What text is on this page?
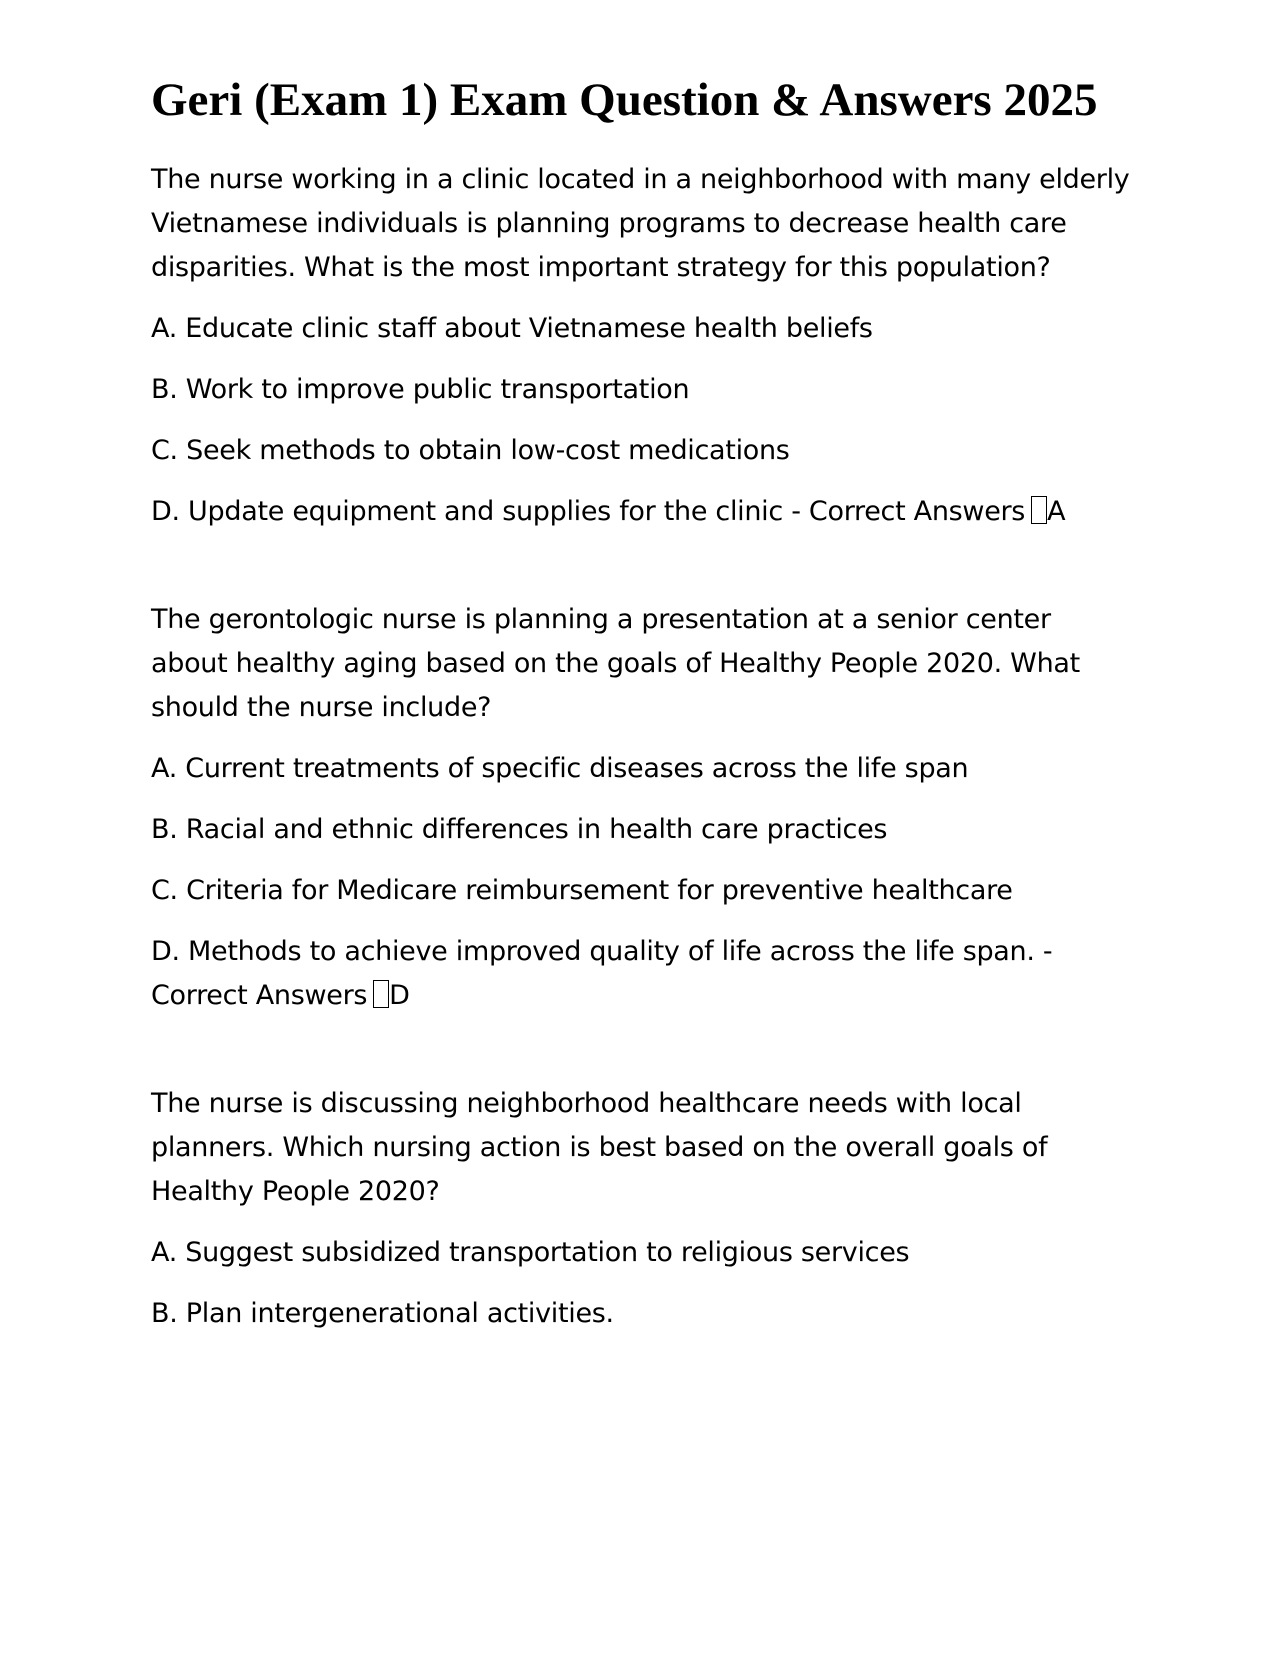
Geri (Exam 1) Exam Question & Answers 2025

The nurse working in a clinic located in a neighborhood with many elderly Vietnamese individuals is planning programs to decrease health care disparities. What is the most important strategy for this population?

A. Educate clinic staff about Vietnamese health beliefs

B. Work to improve public transportation

C. Seek methods to obtain low-cost medications

D. Update equipment and supplies for the clinic - Correct Answers A

The gerontologic nurse is planning a presentation at a senior center about healthy aging based on the goals of Healthy People 2020. What should the nurse include?

A. Current treatments of specific diseases across the life span

B. Racial and ethnic differences in health care practices

C. Criteria for Medicare reimbursement for preventive healthcare

D. Methods to achieve improved quality of life across the life span. - Correct Answers D

The nurse is discussing neighborhood healthcare needs with local planners. Which nursing action is best based on the overall goals of Healthy People 2020?

A. Suggest subsidized transportation to religious services

B. Plan intergenerational activities.
